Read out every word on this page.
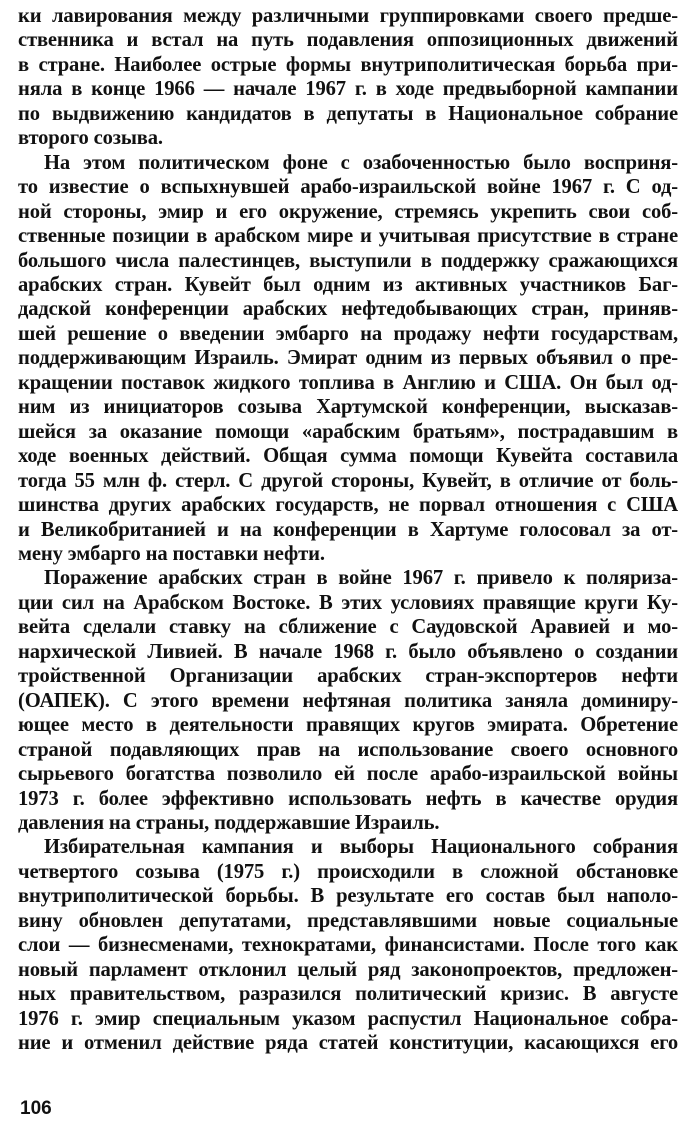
ки лавирования между различными группировками своего предше-
ственника и встал на путь подавления оппозиционных движений
в стране. Наиболее острые формы внутриполитическая борьба при-
няла в конце 1966 — начале 1967 г. в ходе предвыборной кампании
по выдвижению кандидатов в депутаты в Национальное собрание
второго созыва.
На этом политическом фоне с озабоченностью было восприня-
то известие о вспыхнувшей арабо-израильской войне 1967 г. С од-
ной стороны, эмир и его окружение, стремясь укрепить свои соб-
ственные позиции в арабском мире и учитывая присутствие в стране
большого числа палестинцев, выступили в поддержку сражающихся
арабских стран. Кувейт был одним из активных участников Баг-
дадской конференции арабских нефтедобывающих стран, приняв-
шей решение о введении эмбарго на продажу нефти государствам,
поддерживающим Израиль. Эмират одним из первых объявил о пре-
кращении поставок жидкого топлива в Англию и США. Он был од-
ним из инициаторов созыва Хартумской конференции, высказав-
шейся за оказание помощи «арабским братьям», пострадавшим в
ходе военных действий. Общая сумма помощи Кувейта составила
тогда 55 млн ф. стерл. С другой стороны, Кувейт, в отличие от боль-
шинства других арабских государств, не порвал отношения с США
и Великобританией и на конференции в Хартуме голосовал за от-
мену эмбарго на поставки нефти.
Поражение арабских стран в войне 1967 г. привело к поляриза-
ции сил на Арабском Востоке. В этих условиях правящие круги Ку-
вейта сделали ставку на сближение с Саудовской Аравией и мо-
нархической Ливией. В начале 1968 г. было объявлено о создании
тройственной Организации арабских стран-экспортеров нефти
(ОАПЕК). С этого времени нефтяная политика заняла доминиру-
ющее место в деятельности правящих кругов эмирата. Обретение
страной подавляющих прав на использование своего основного
сырьевого богатства позволило ей после арабо-израильской войны
1973 г. более эффективно использовать нефть в качестве орудия
давления на страны, поддержавшие Израиль.
Избирательная кампания и выборы Национального собрания
четвертого созыва (1975 г.) происходили в сложной обстановке
внутриполитической борьбы. В результате его состав был наполо-
вину обновлен депутатами, представлявшими новые социальные
слои — бизнесменами, технократами, финансистами. После того как
новый парламент отклонил целый ряд законопроектов, предложен-
ных правительством, разразился политический кризис. В августе
1976 г. эмир специальным указом распустил Национальное собра-
ние и отменил действие ряда статей конституции, касающихся его

106
